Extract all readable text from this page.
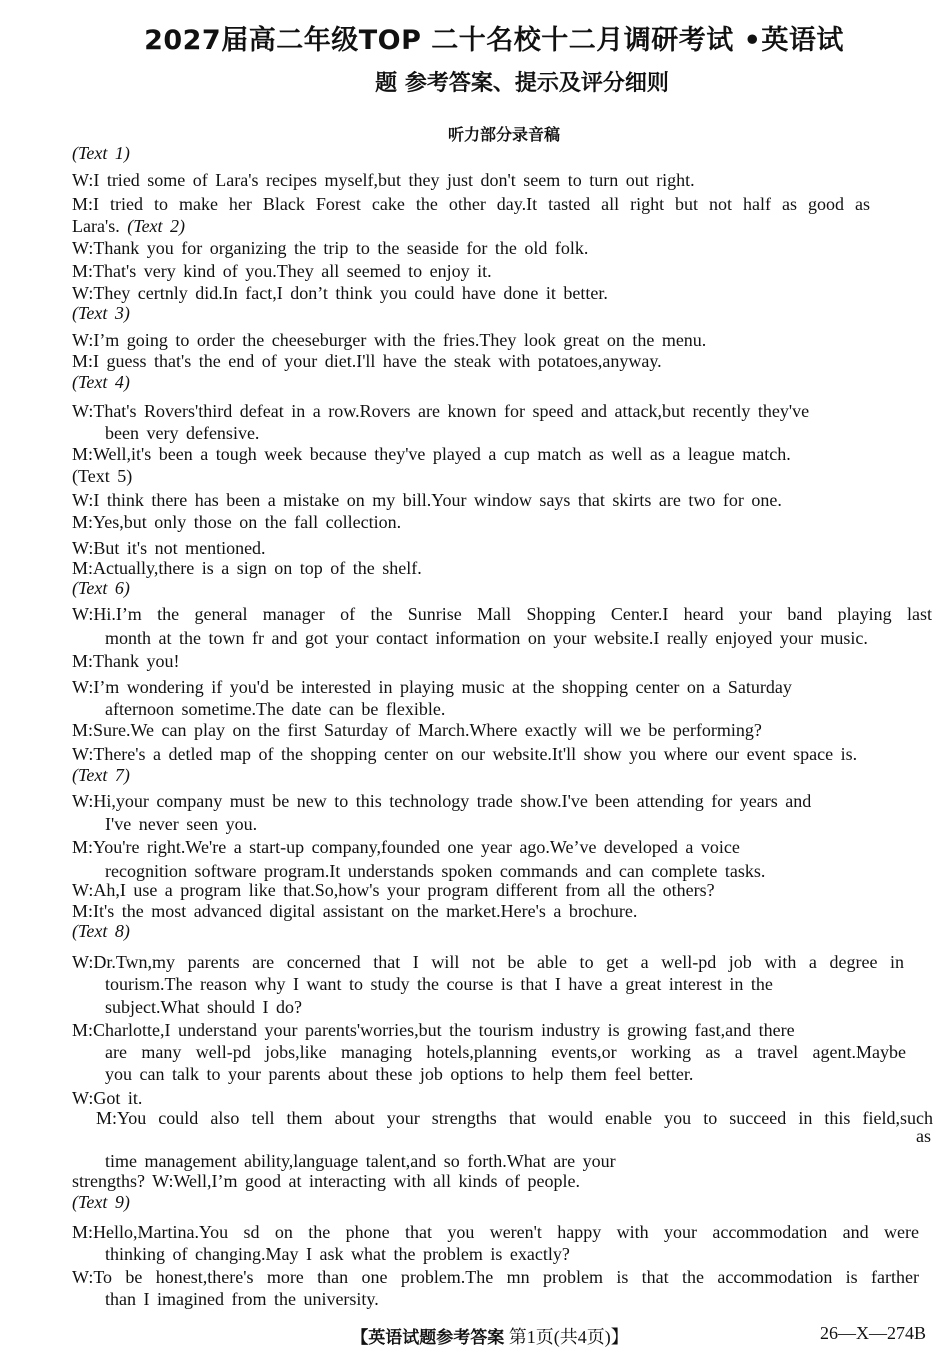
2027届高二年级TOP 二十名校十二月调研考试 •英语试
题 参考答案、提示及评分细则
听力部分录音稿
(Text 1)
W:I tried some of Lara's recipes myself,but they just don't seem to turn out right.
M:I tried to make her Black Forest cake the other day.It tasted all right but not half as good as
Lara's. (Text 2)
W:Thank you for organizing the trip to the seaside for the old folk.
M:That's very kind of you.They all seemed to enjoy it.
W:They certnly did.In fact,I don’t think you could have done it better.
(Text 3)
W:I’m going to order the cheeseburger with the fries.They look great on the menu.
M:I guess that's the end of your diet.I'll have the steak with potatoes,anyway.
(Text 4)
W:That's Rovers'third defeat in a row.Rovers are known for speed and attack,but recently they've
been very defensive.
M:Well,it's been a tough week because they've played a cup match as well as a league match.
(Text 5)
W:I think there has been a mistake on my bill.Your window says that skirts are two for one.
M:Yes,but only those on the fall collection.
W:But it's not mentioned.
M:Actually,there is a sign on top of the shelf.
(Text 6)
W:Hi.I’m the general manager of the Sunrise Mall Shopping Center.I heard your band playing last
month at the town fr and got your contact information on your website.I really enjoyed your music.
M:Thank you!
W:I’m wondering if you'd be interested in playing music at the shopping center on a Saturday
afternoon sometime.The date can be flexible.
M:Sure.We can play on the first Saturday of March.Where exactly will we be performing?
W:There's a detled map of the shopping center on our website.It'll show you where our event space is.
(Text 7)
W:Hi,your company must be new to this technology trade show.I've been attending for years and
I've never seen you.
M:You're right.We're a start-up company,founded one year ago.We’ve developed a voice
recognition software program.It understands spoken commands and can complete tasks.
W:Ah,I use a program like that.So,how's your program different from all the others?
M:It's the most advanced digital assistant on the market.Here's a brochure.
(Text 8)
W:Dr.Twn,my parents are concerned that I will not be able to get a well-pd job with a degree in
tourism.The reason why I want to study the course is that I have a great interest in the
subject.What should I do?
M:Charlotte,I understand your parents'worries,but the tourism industry is growing fast,and there
are many well-pd jobs,like managing hotels,planning events,or working as a travel agent.Maybe
you can talk to your parents about these job options to help them feel better.
W:Got it.
M:You could also tell them about your strengths that would enable you to succeed in this field,such
as
time management ability,language talent,and so forth.What are your
strengths? W:Well,I’m good at interacting with all kinds of people.
(Text 9)
M:Hello,Martina.You sd on the phone that you weren't happy with your accommodation and were
thinking of changing.May I ask what the problem is exactly?
W:To be honest,there's more than one problem.The mn problem is that the accommodation is farther
than I imagined from the university.
【英语试题参考答案 第1页(共4页)】	26—X—274B
